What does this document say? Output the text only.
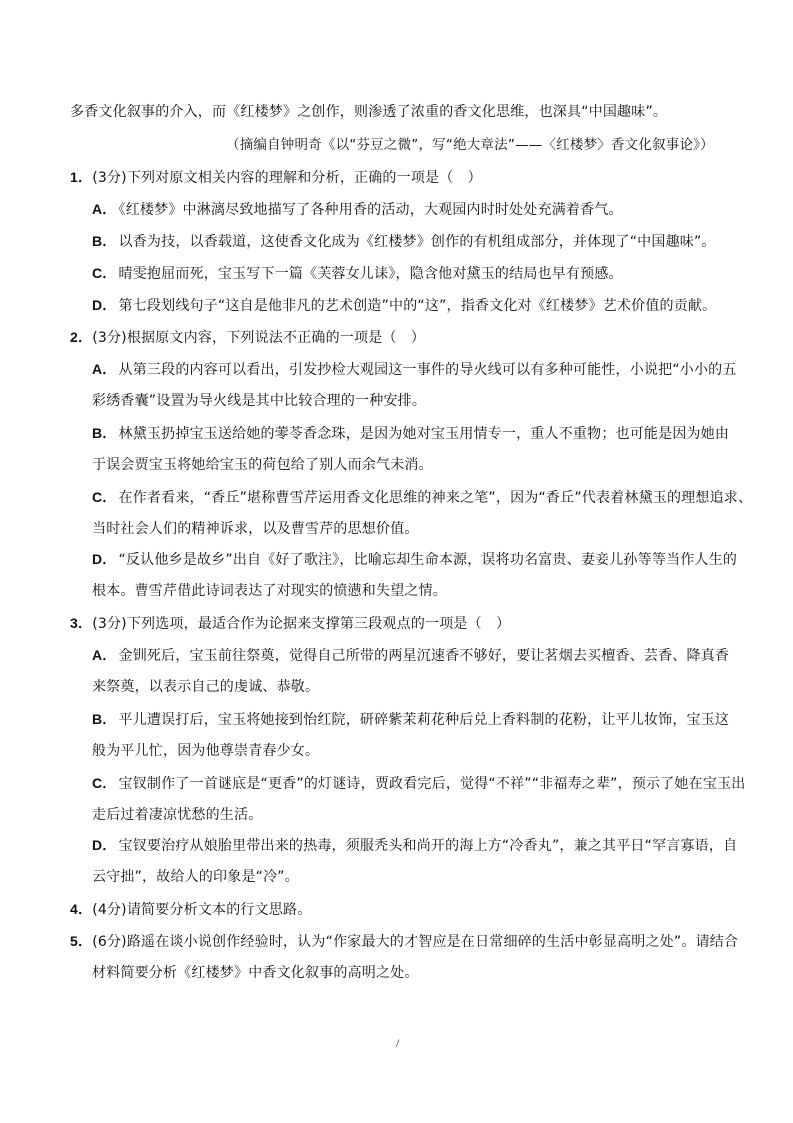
多香文化叙事的介入，而《红楼梦》之创作，则渗透了浓重的香文化思维，也深具“中国趣味”。
（摘编自钟明奇《以“芬豆之微”，写“绝大章法”——〈红楼梦〉香文化叙事论》）
1．(3分)下列对原文相关内容的理解和分析，正确的一项是（　）
A． 《红楼梦》中淋漓尽致地描写了各种用香的活动，大观园内时时处处充满着香气。
B． 以香为技，以香载道，这使香文化成为《红楼梦》创作的有机组成部分，并体现了“中国趣味”。
C． 晴雯抱屈而死，宝玉写下一篇《芙蓉女儿诔》，隐含他对黛玉的结局也早有预感。
D． 第七段划线句子“这自是他非凡的艺术创造”中的“这”，指香文化对《红楼梦》艺术价值的贡献。
2．(3分)根据原文内容，下列说法不正确的一项是（　）
A． 从第三段的内容可以看出，引发抄检大观园这一事件的导火线可以有多种可能性，小说把“小小的五
彩绣香囊”设置为导火线是其中比较合理的一种安排。
B． 林黛玉扔掉宝玉送给她的蕶苓香念珠，是因为她对宝玉用情专一，重人不重物；也可能是因为她由
于误会贾宝玉将她给宝玉的荷包给了别人而余气未消。
C． 在作者看来，“香丘”堪称曹雪芹运用香文化思维的神来之笔”，因为“香丘”代表着林黛玉的理想追求、
当时社会人们的精神诉求，以及曹雪芹的思想价值。
D． “反认他乡是故乡”出自《好了歌注》，比喻忘却生命本源，误将功名富贵、妻妾儿孙等等当作人生的
根本。曹雪芹借此诗词表达了对现实的愤懑和失望之情。
3．(3分)下列选项，最适合作为论据来支撑第三段观点的一项是（　）
A． 金钏死后，宝玉前往祭奠，觉得自己所带的两星沉速香不够好，要让茗烟去买檀香、芸香、降真香
来祭奠，以表示自己的虔诚、恭敬。
B． 平儿遭误打后，宝玉将她接到怡红院，研碎紫茉莉花种后兑上香料制的花粉，让平儿妆饰，宝玉这
般为平儿忙，因为他尊崇青春少女。
C． 宝钗制作了一首谜底是“更香”的灯谜诗，贾政看完后，觉得“不祥”“非福寿之辈”，预示了她在宝玉出
走后过着凄凉忧愁的生活。
D． 宝钗要治疗从娘胎里带出来的热毒，须服秃头和尚开的海上方“冷香丸”，兼之其平日“罕言寡语，自
云守拙”，故给人的印象是“冷”。
4．(4分)请简要分析文本的行文思路。
5．(6分)路遥在谈小说创作经验时，认为“作家最大的才智应是在日常细碎的生活中彰显高明之处”。请结合
材料简要分析《红楼梦》中香文化叙事的高明之处。
/
